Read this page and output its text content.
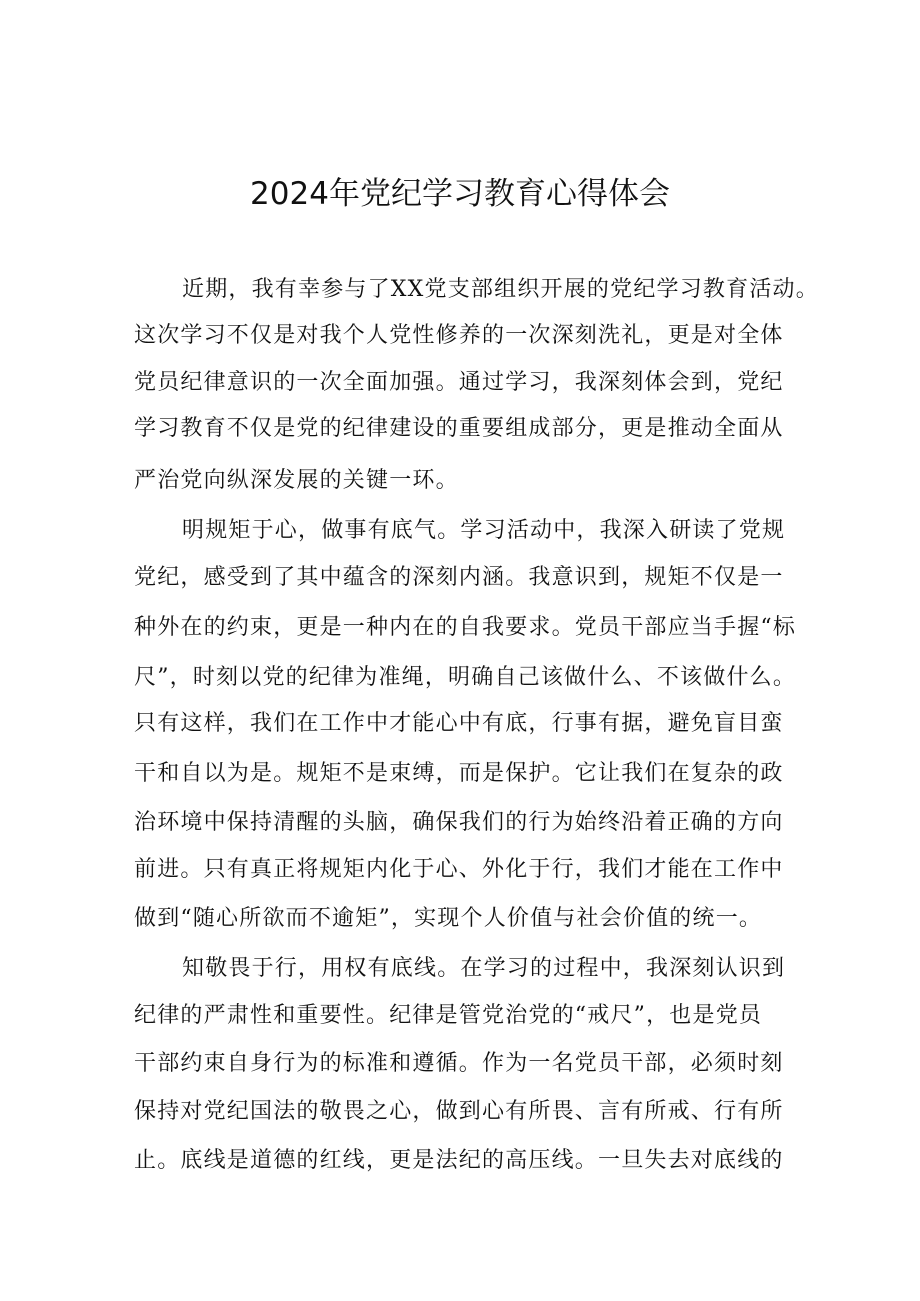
2024年党纪学习教育心得体会
近期，我有幸参与了XX党支部组织开展的党纪学习教育活动。
这次学习不仅是对我个人党性修养的一次深刻洗礼，更是对全体
党员纪律意识的一次全面加强。通过学习，我深刻体会到，党纪
学习教育不仅是党的纪律建设的重要组成部分，更是推动全面从
严治党向纵深发展的关键一环。
明规矩于心，做事有底气。学习活动中，我深入研读了党规
党纪，感受到了其中蕴含的深刻内涵。我意识到，规矩不仅是一
种外在的约束，更是一种内在的自我要求。党员干部应当手握“标
尺”，时刻以党的纪律为准绳，明确自己该做什么、不该做什么。
只有这样，我们在工作中才能心中有底，行事有据，避免盲目蛮
干和自以为是。规矩不是束缚，而是保护。它让我们在复杂的政
治环境中保持清醒的头脑，确保我们的行为始终沿着正确的方向
前进。只有真正将规矩内化于心、外化于行，我们才能在工作中
做到“随心所欲而不逾矩”，实现个人价值与社会价值的统一。
知敬畏于行，用权有底线。在学习的过程中，我深刻认识到
纪律的严肃性和重要性。纪律是管党治党的“戒尺”，也是党员
干部约束自身行为的标准和遵循。作为一名党员干部，必须时刻
保持对党纪国法的敬畏之心，做到心有所畏、言有所戒、行有所
止。底线是道德的红线，更是法纪的高压线。一旦失去对底线的
